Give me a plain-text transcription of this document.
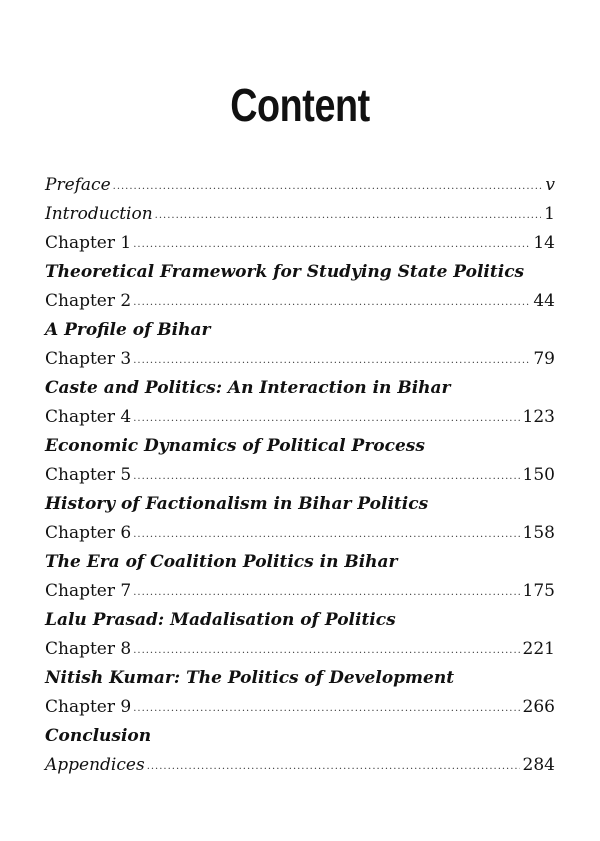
Content
Preface .....	v
Introduction .....	1
Chapter 1 .....	14
Theoretical Framework for Studying State Politics
Chapter 2 .....	44
A Profile of Bihar
Chapter 3 .....	79
Caste and Politics: An Interaction in Bihar
Chapter 4 .....	123
Economic Dynamics of Political Process
Chapter 5 .....	150
History of Factionalism in Bihar Politics
Chapter 6 .....	158
The Era of Coalition Politics in Bihar
Chapter 7 .....	175
Lalu Prasad: Madalisation of Politics
Chapter 8 .....	221
Nitish Kumar: The Politics of Development
Chapter 9 .....	266
Conclusion
Appendices .....	284
